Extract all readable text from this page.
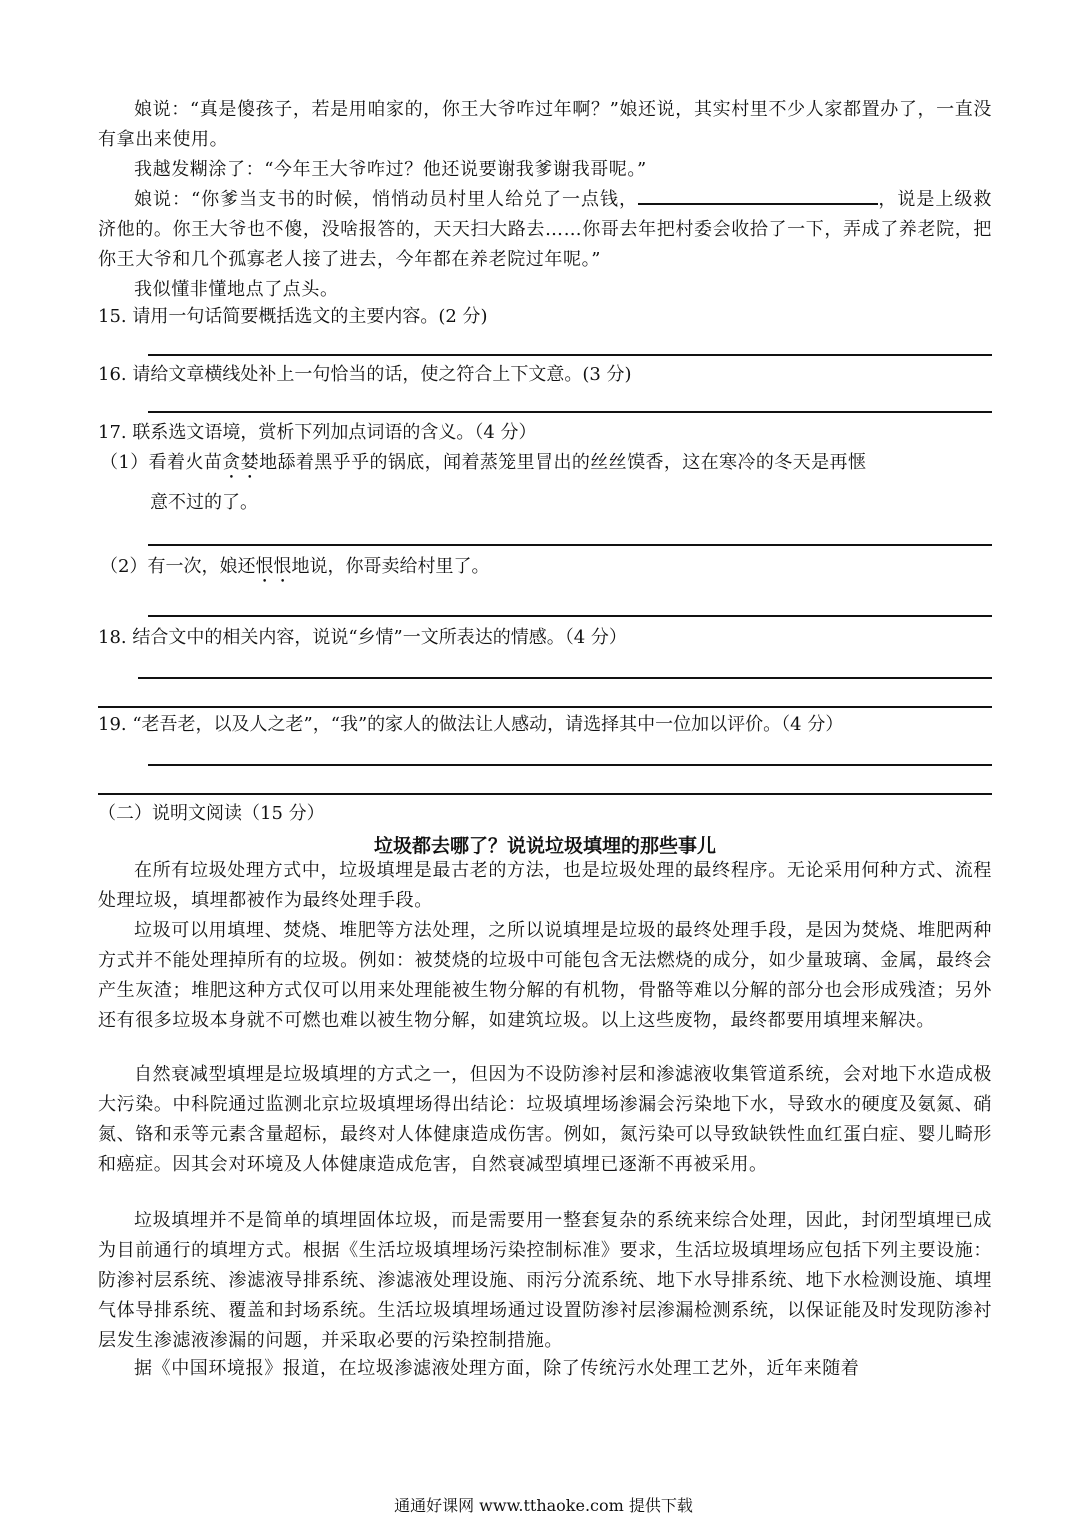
娘说：“真是傻孩子，若是用咱家的，你王大爷咋过年啊？”娘还说，其实村里不少人家都置办了，一直没有拿出来使用。

我越发糊涂了：“今年王大爷咋过？他还说要谢我爹谢我哥呢。”

娘说：“你爹当支书的时候，悄悄动员村里人给兑了一点钱，	，说是上级救济他的。你王大爷也不傻，没啥报答的，天天扫大路去……你哥去年把村委会收拾了一下，弄成了养老院，把你王大爷和几个孤寡老人接了进去，今年都在养老院过年呢。”

我似懂非懂地点了点头。

15. 请用一句话简要概括选文的主要内容。(2 分)

16. 请给文章横线处补上一句恰当的话，使之符合上下文意。(3 分)

17. 联系选文语境，赏析下列加点词语的含义。（4 分）

（1）看着火苗贪婪地舔着黑乎乎的锅底，闻着蒸笼里冒出的丝丝馍香，这在寒冷的冬天是再惬

意不过的了。

（2）有一次，娘还恨恨地说，你哥卖给村里了。

18. 结合文中的相关内容，说说“乡情”一文所表达的情感。（4 分）

19. “老吾老，以及人之老”，“我”的家人的做法让人感动，请选择其中一位加以评价。（4 分）

（二）说明文阅读（15 分）

垃圾都去哪了？说说垃圾填埋的那些事儿

在所有垃圾处理方式中，垃圾填埋是最古老的方法，也是垃圾处理的最终程序。无论采用何种方式、流程处理垃圾，填埋都被作为最终处理手段。

垃圾可以用填埋、焚烧、堆肥等方法处理，之所以说填埋是垃圾的最终处理手段，是因为焚烧、堆肥两种方式并不能处理掉所有的垃圾。例如：被焚烧的垃圾中可能包含无法燃烧的成分，如少量玻璃、金属，最终会产生灰渣；堆肥这种方式仅可以用来处理能被生物分解的有机物，骨骼等难以分解的部分也会形成残渣；另外还有很多垃圾本身就不可燃也难以被生物分解，如建筑垃圾。以上这些废物，最终都要用填埋来解决。

自然衰减型填埋是垃圾填埋的方式之一，但因为不设防渗衬层和渗滤液收集管道系统，会对地下水造成极大污染。中科院通过监测北京垃圾填埋场得出结论：垃圾填埋场渗漏会污染地下水，导致水的硬度及氨氮、硝氮、铬和汞等元素含量超标，最终对人体健康造成伤害。例如，氮污染可以导致缺铁性血红蛋白症、婴儿畸形和癌症。因其会对环境及人体健康造成危害，自然衰减型填埋已逐渐不再被采用。

垃圾填埋并不是简单的填埋固体垃圾，而是需要用一整套复杂的系统来综合处理，因此，封闭型填埋已成为目前通行的填埋方式。根据《生活垃圾填埋场污染控制标准》要求，生活垃圾填埋场应包括下列主要设施：防渗衬层系统、渗滤液导排系统、渗滤液处理设施、雨污分流系统、地下水导排系统、地下水检测设施、填埋气体导排系统、覆盖和封场系统。生活垃圾填埋场通过设置防渗衬层渗漏检测系统，以保证能及时发现防渗衬层发生渗滤液渗漏的问题，并采取必要的污染控制措施。

据《中国环境报》报道，在垃圾渗滤液处理方面，除了传统污水处理工艺外，近年来随着

通通好课网 www.tthaoke.com 提供下载
